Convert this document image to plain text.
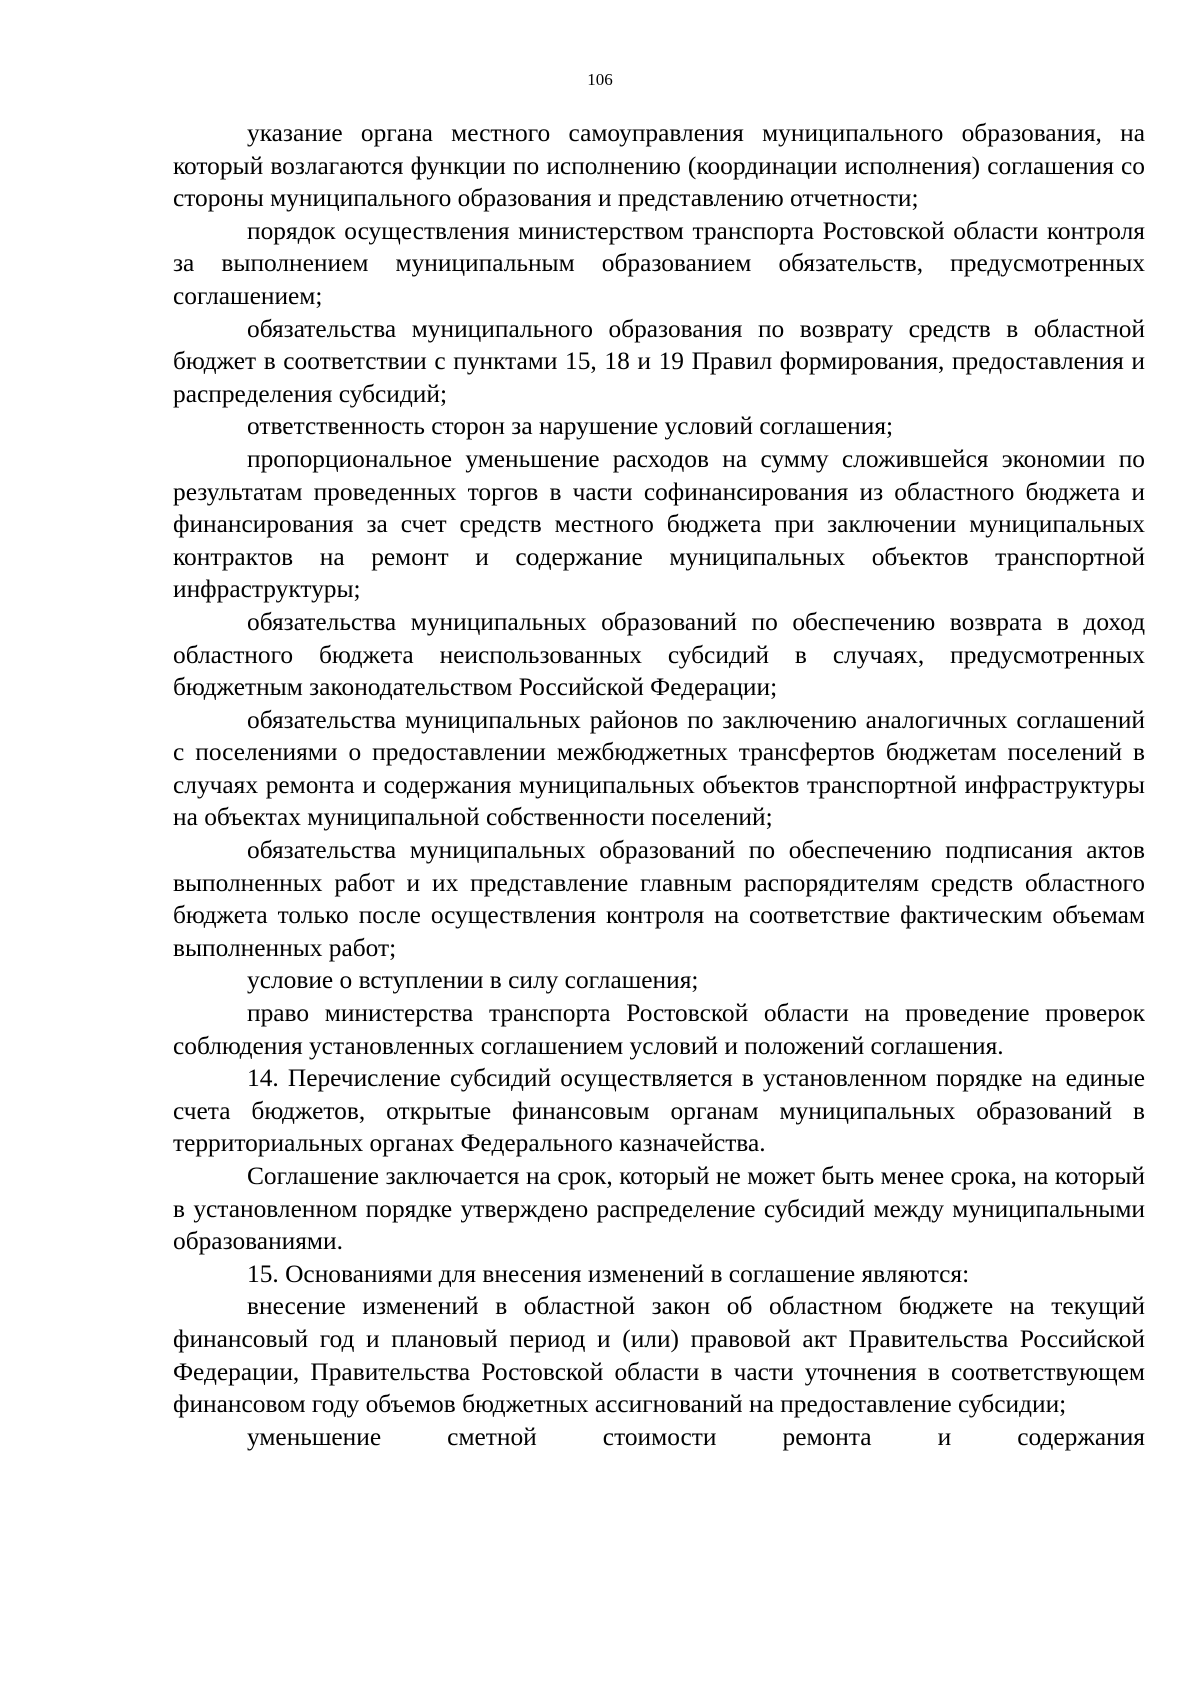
106

указание органа местного самоуправления муниципального образования, на который возлагаются функции по исполнению (координации исполнения) соглашения со стороны муниципального образования и представлению отчетности;

порядок осуществления министерством транспорта Ростовской области контроля за выполнением муниципальным образованием обязательств, предусмотренных соглашением;

обязательства муниципального образования по возврату средств в областной бюджет в соответствии с пунктами 15, 18 и 19 Правил формирования, предоставления и распределения субсидий;

ответственность сторон за нарушение условий соглашения;

пропорциональное уменьшение расходов на сумму сложившейся экономии по результатам проведенных торгов в части софинансирования из областного бюджета и финансирования за счет средств местного бюджета при заключении муниципальных контрактов на ремонт и содержание муниципальных объектов транспортной инфраструктуры;

обязательства муниципальных образований по обеспечению возврата в доход областного бюджета неиспользованных субсидий в случаях, предусмотренных бюджетным законодательством Российской Федерации;

обязательства муниципальных районов по заключению аналогичных соглашений с поселениями о предоставлении межбюджетных трансфертов бюджетам поселений в случаях ремонта и содержания муниципальных объектов транспортной инфраструктуры на объектах муниципальной собственности поселений;

обязательства муниципальных образований по обеспечению подписания актов выполненных работ и их представление главным распорядителям средств областного бюджета только после осуществления контроля на соответствие фактическим объемам выполненных работ;

условие о вступлении в силу соглашения;

право министерства транспорта Ростовской области на проведение проверок соблюдения установленных соглашением условий и положений соглашения.

14. Перечисление субсидий осуществляется в установленном порядке на единые счета бюджетов, открытые финансовым органам муниципальных образований в территориальных органах Федерального казначейства.

Соглашение заключается на срок, который не может быть менее срока, на который в установленном порядке утверждено распределение субсидий между муниципальными образованиями.

15. Основаниями для внесения изменений в соглашение являются:

внесение изменений в областной закон об областном бюджете на текущий финансовый год и плановый период и (или) правовой акт Правительства Российской Федерации, Правительства Ростовской области в части уточнения в соответствующем финансовом году объемов бюджетных ассигнований на предоставление субсидии;

уменьшение сметной стоимости ремонта и содержания
